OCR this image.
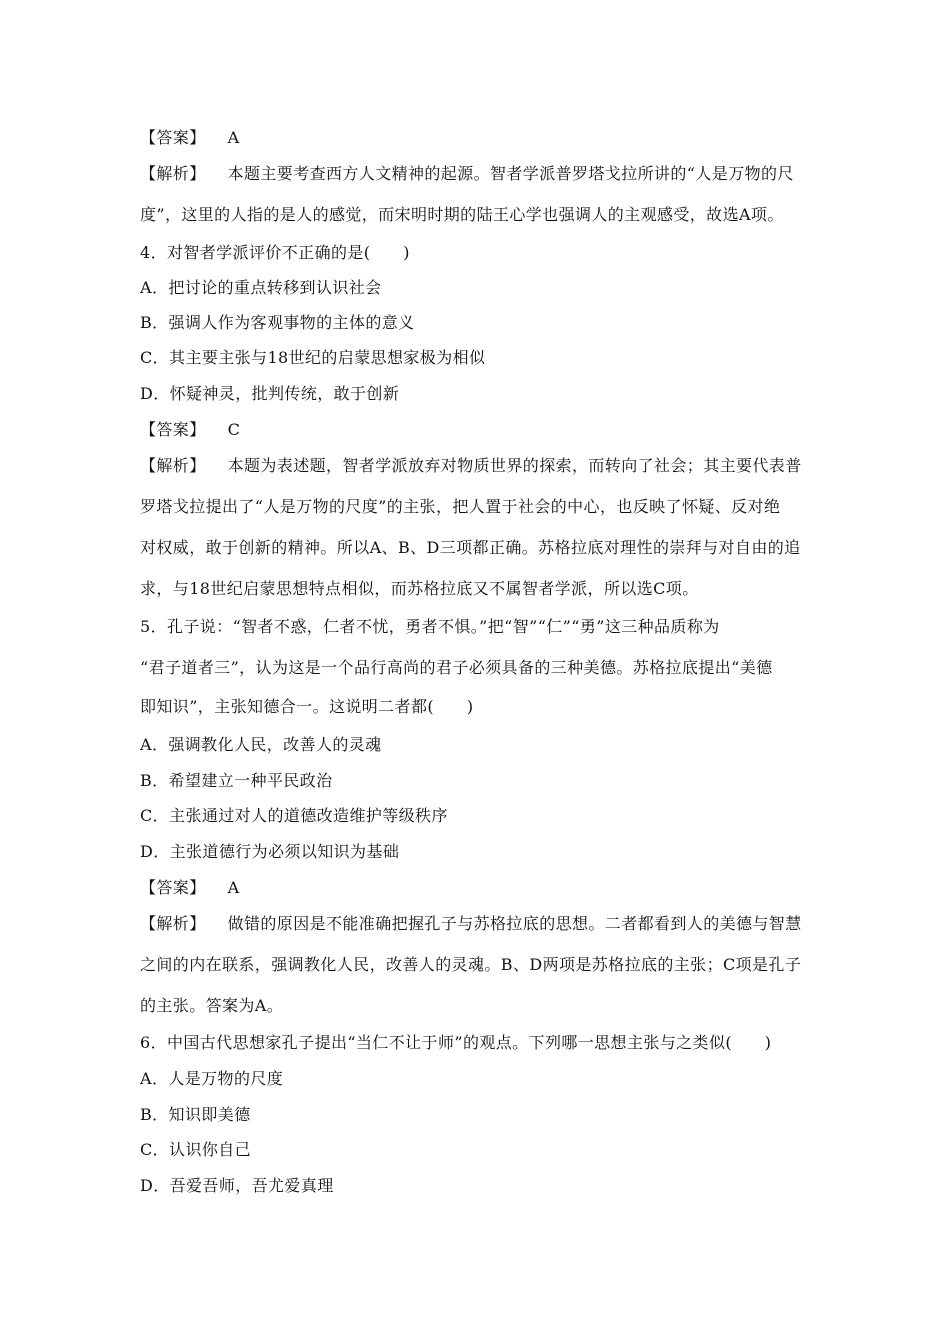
【答案】 A
【解析】 本题主要考查西方人文精神的起源。智者学派普罗塔戈拉所讲的“人是万物的尺
度”，这里的人指的是人的感觉，而宋明时期的陆王心学也强调人的主观感受，故选A项。
4．对智者学派评价不正确的是(　　)
A．把讨论的重点转移到认识社会
B．强调人作为客观事物的主体的意义
C．其主要主张与18世纪的启蒙思想家极为相似
D．怀疑神灵，批判传统，敢于创新
【答案】 C
【解析】 本题为表述题，智者学派放弃对物质世界的探索，而转向了社会；其主要代表普
罗塔戈拉提出了“人是万物的尺度”的主张，把人置于社会的中心，也反映了怀疑、反对绝
对权威，敢于创新的精神。所以A、B、D三项都正确。苏格拉底对理性的崇拜与对自由的追
求，与18世纪启蒙思想特点相似，而苏格拉底又不属智者学派，所以选C项。
5．孔子说：“智者不惑，仁者不忧，勇者不惧。”把“智”“仁”“勇”这三种品质称为
“君子道者三”，认为这是一个品行高尚的君子必须具备的三种美德。苏格拉底提出“美德
即知识”，主张知德合一。这说明二者都(　　)
A．强调教化人民，改善人的灵魂
B．希望建立一种平民政治
C．主张通过对人的道德改造维护等级秩序
D．主张道德行为必须以知识为基础
【答案】 A
【解析】 做错的原因是不能准确把握孔子与苏格拉底的思想。二者都看到人的美德与智慧
之间的内在联系，强调教化人民，改善人的灵魂。B、D两项是苏格拉底的主张；C项是孔子
的主张。答案为A。
6．中国古代思想家孔子提出“当仁不让于师”的观点。下列哪一思想主张与之类似(　　)
A．人是万物的尺度
B．知识即美德
C．认识你自己
D．吾爱吾师，吾尤爱真理
